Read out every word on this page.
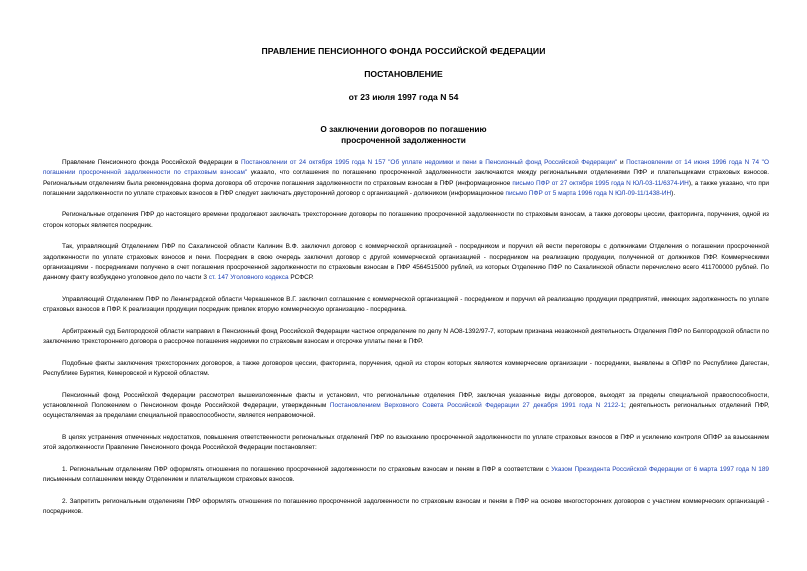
ПРАВЛЕНИЕ ПЕНСИОННОГО ФОНДА РОССИЙСКОЙ ФЕДЕРАЦИИ
ПОСТАНОВЛЕНИЕ
от 23 июля 1997 года N 54
О заключении договоров по погашению
просроченной задолженности

Правление Пенсионного фонда Российской Федерации в Постановлении от 24 октября 1995 года N 157 "Об уплате недоимки и пени в Пенсионный фонд Российской Федерации" и Постановлении от 14 июня 1996 года N 74 "О погашении просроченной задолженности по страховым взносам" указало, что соглашения по погашению просроченной задолженности заключаются между региональными отделениями ПФР и плательщиками страховых взносов. Региональным отделениям была рекомендована форма договора об отсрочке погашения задолженности по страховым взносам в ПФР (информационное письмо ПФР от 27 октября 1995 года N ЮЛ-03-11/6374-ИН), а также указано, что при погашении задолженности по уплате страховых взносов в ПФР следует заключать двусторонний договор с организацией - должником (информационное письмо ПФР от 5 марта 1996 года N ЮЛ-09-11/1438-ИН).

Региональные отделения ПФР до настоящего времени продолжают заключать трехсторонние договоры по погашению просроченной задолженности по страховым взносам, а также договоры цессии, факторинга, поручения, одной из сторон которых является посредник.

Так, управляющий Отделением ПФР по Сахалинской области Калинин В.Ф. заключил договор с коммерческой организацией - посредником и поручил ей вести переговоры с должниками Отделения о погашении просроченной задолженности по уплате страховых взносов и пени. Посредник в свою очередь заключил договор с другой коммерческой организацией - посредником на реализацию продукции, полученной от должников ПФР. Коммерческими организациями - посредниками получено в счет погашения просроченной задолженности по страховым взносам в ПФР 4564515000 рублей, из которых Отделению ПФР по Сахалинской области перечислено всего 411700000 рублей. По данному факту возбуждено уголовное дело по части 3 ст. 147 Уголовного кодекса РСФСР.

Управляющий Отделением ПФР по Ленинградской области Черкашенков В.Г. заключил соглашение с коммерческой организацией - посредником и поручил ей реализацию продукции предприятий, имеющих задолженность по уплате страховых взносов в ПФР. К реализации продукции посредник привлек вторую коммерческую организацию - посредника.

Арбитражный суд Белгородской области направил в Пенсионный фонд Российской Федерации частное определение по делу N АО8-1392/97-7, которым признана незаконной деятельность Отделения ПФР по Белгородской области по заключению трехстороннего договора о рассрочке погашения недоимки по страховым взносам и отсрочке уплаты пени в ПФР.

Подобные факты заключения трехсторонних договоров, а также договоров цессии, факторинга, поручения, одной из сторон которых являются коммерческие организации - посредники, выявлены в ОПФР по Республике Дагестан, Республике Бурятия, Кемеровской и Курской областям.

Пенсионный фонд Российской Федерации рассмотрел вышеизложенные факты и установил, что региональные отделения ПФР, заключая указанные виды договоров, выходят за пределы специальной правоспособности, установленной Положением о Пенсионном фонде Российской Федерации, утвержденным Постановлением Верховного Совета Российской Федерации 27 декабря 1991 года N 2122-1; деятельность региональных отделений ПФР, осуществляемая за пределами специальной правоспособности, является неправомочной.

В целях устранения отмеченных недостатков, повышения ответственности региональных отделений ПФР по взысканию просроченной задолженности по уплате страховых взносов в ПФР и усилению контроля ОПФР за взысканием этой задолженности Правление Пенсионного фонда Российской Федерации постановляет:

1. Региональным отделениям ПФР оформлять отношения по погашению просроченной задолженности по страховым взносам и пеням в ПФР в соответствии с Указом Президента Российской Федерации от 6 марта 1997 года N 189 письменным соглашением между Отделением и плательщиком страховых взносов.

2. Запретить региональным отделениям ПФР оформлять отношения по погашению просроченной задолженности по страховым взносам и пеням в ПФР на основе многосторонних договоров с участием коммерческих организаций - посредников.
